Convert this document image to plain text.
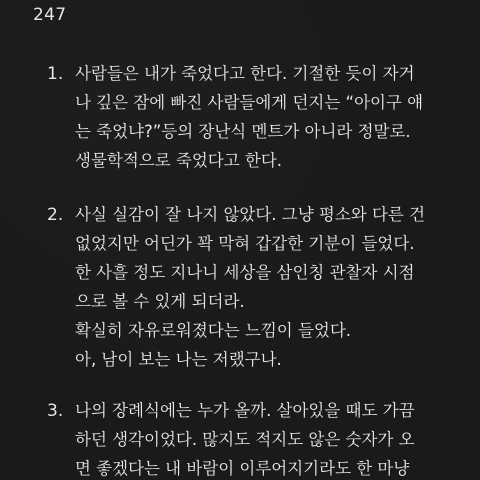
247
1. 사람들은 내가 죽었다고 한다. 기절한 듯이 자거
나 깊은 잠에 빠진 사람들에게 던지는 “아이구 얘
는 죽었냐?”등의 장난식 멘트가 아니라 정말로.
생물학적으로 죽었다고 한다.
2. 사실 실감이 잘 나지 않았다. 그냥 평소와 다른 건
없었지만 어딘가 꽉 막혀 갑갑한 기분이 들었다.
한 사흘 정도 지나니 세상을 삼인칭 관찰자 시점
으로 볼 수 있게 되더라.
확실히 자유로워졌다는 느낌이 들었다.
아, 남이 보는 나는 저랬구나.
3. 나의 장례식에는 누가 올까. 살아있을 때도 가끔
하던 생각이었다. 많지도 적지도 않은 숫자가 오
면 좋겠다는 내 바람이 이루어지기라도 한 마냥
